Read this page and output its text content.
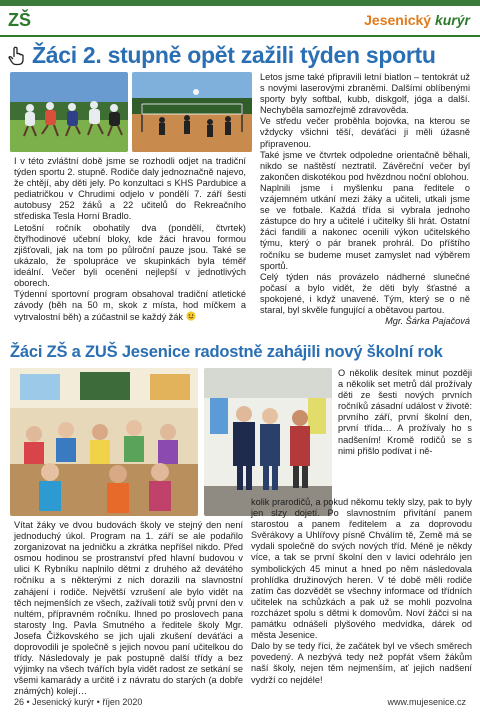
ZŠ	Jesenický kurýr
Žáci 2. stupně opět zažili týden sportu

I v této zvláštní době jsme se rozhodli odjet na tradiční týden sportu 2. stupně. Rodiče daly jednoznačně najevo, že chtějí, aby děti jely. Po konzultaci s KHS Pardubice a pediatričkou v Chrudimi odjelo v pondělí 7. září šesti autobusy 252 žáků a 22 učitelů do Rekreačního střediska Tesla Horní Bradlo.

Letošní ročník obohatily dva (pondělí, čtvrtek) čtyřhodinové učební bloky, kde žáci hravou formou zjišťovali, jak na tom po půlroční pauze jsou. Také se ukázalo, že spolupráce ve skupinkách byla téměř ideální. Večer byli oceněni nejlepší v jednotlivých oborech.

Týdenní sportovní program obsahoval tradiční atletické závody (běh na 50 m, skok z místa, hod míčkem a vytrvalostní běh) a zúčastnil se každý žák

Letos jsme také připravili letní biatlon – tentokrát už s novými laserovými zbraněmi. Dalšími oblíbenými sporty byly softbal, kubb, diskgolf, jóga a další. Nechyběla samozřejmě zdravověda.

Ve středu večer proběhla bojovka, na kterou se vždycky všichni těší, deváťáci ji měli úžasně připravenou.

Také jsme ve čtvrtek odpoledne orientačně běhali, nikdo se naštěstí neztratil. Závěreční večer byl zakončen diskotékou pod hvězdnou noční oblohou.

Naplnili jsme i myšlenku pana ředitele o vzájemném utkání mezi žáky a učiteli, utkali jsme se ve fotbale. Každá třída si vybrala jednoho zástupce do hry a učitelé i učitelky šli hrát. Ostatní žáci fandili a nakonec ocenili výkon učitelského týmu, který o pár branek prohrál. Do příštího ročníku se budeme muset zamyslet nad výběrem sportů.

Celý týden nás provázelo nádherné slunečné počasí a bylo vidět, že děti byly šťastné a spokojené, i když unavené. Tým, který se o ně staral, byl skvěle fungující a obětavou partou.

Mgr. Šárka Pajačová

Žáci ZŠ a ZUŠ Jesenice radostně zahájili nový školní rok

O několik desítek minut později a několik set metrů dál prožívaly děti ze šesti nových prvních ročníků zásadní událost v životě: prvního září, první školní den, první třída… A prožívaly ho s nadšením! Kromě rodičů se s nimi přišlo podívat i ně-

Vítat žáky ve dvou budovách školy ve stejný den není jednoduchý úkol. Program na 1. září se ale podařilo zorganizovat na jedničku a zkrátka nepříšel nikdo. Před osmou hodinou se prostranství před hlavní budovou v ulici K Rybníku naplnilo dětmi z druhého až devátého ročníku a s některými z nich dorazili na slavnostní zahájení i rodiče. Největší vzrušení ale bylo vidět na těch nejmenších ze všech, zažívali totiž svůj první den v nultém, přípravném ročníku. Ihned po proslovech pana starosty Ing. Pavla Smutného a ředitele školy Mgr. Josefa Čižkovského se jich ujali zkušení deváťáci a doprovodili je společně s jejich novou paní učitelkou do třídy. Následovaly je pak postupně další třídy a bez výjimky na všech tvářích byla vidět radost ze setkání se všemi kamarády a určitě i z návratu do starých (a dobře známých) kolejí…

kolik prarodičů, a pokud někomu tekly slzy, pak to byly jen slzy dojetí. Po slavnostním přivítání panem starostou a panem ředitelem a za doprovodu Svěrákovy a Uhlířovy písně Chválím tě, Země má se vydali společně do svých nových tříd. Méně je někdy více, a tak se první školní den v lavici odehrálo jen symbolických 45 minut a hned po něm následovala prohlídka družinových heren. V té době měli rodiče zatím čas dozvědět se všechny informace od třídních učitelek na schůzkách a pak už se mohli pozvolna rozcházet spolu s dětmi k domovům. Noví žáčci si na památku odnášeli plyšového medvídka, dárek od města Jesenice.

Dalo by se tedy říci, že začátek byl ve všech směrech povedený. A nezbývá tedy než popřát všem žákům naší školy, nejen těm nejmenším, ať jejich nadšení vydrží co nejdéle!

26 • Jesenický kurýr • říjen 2020	www.mujesenice.cz
